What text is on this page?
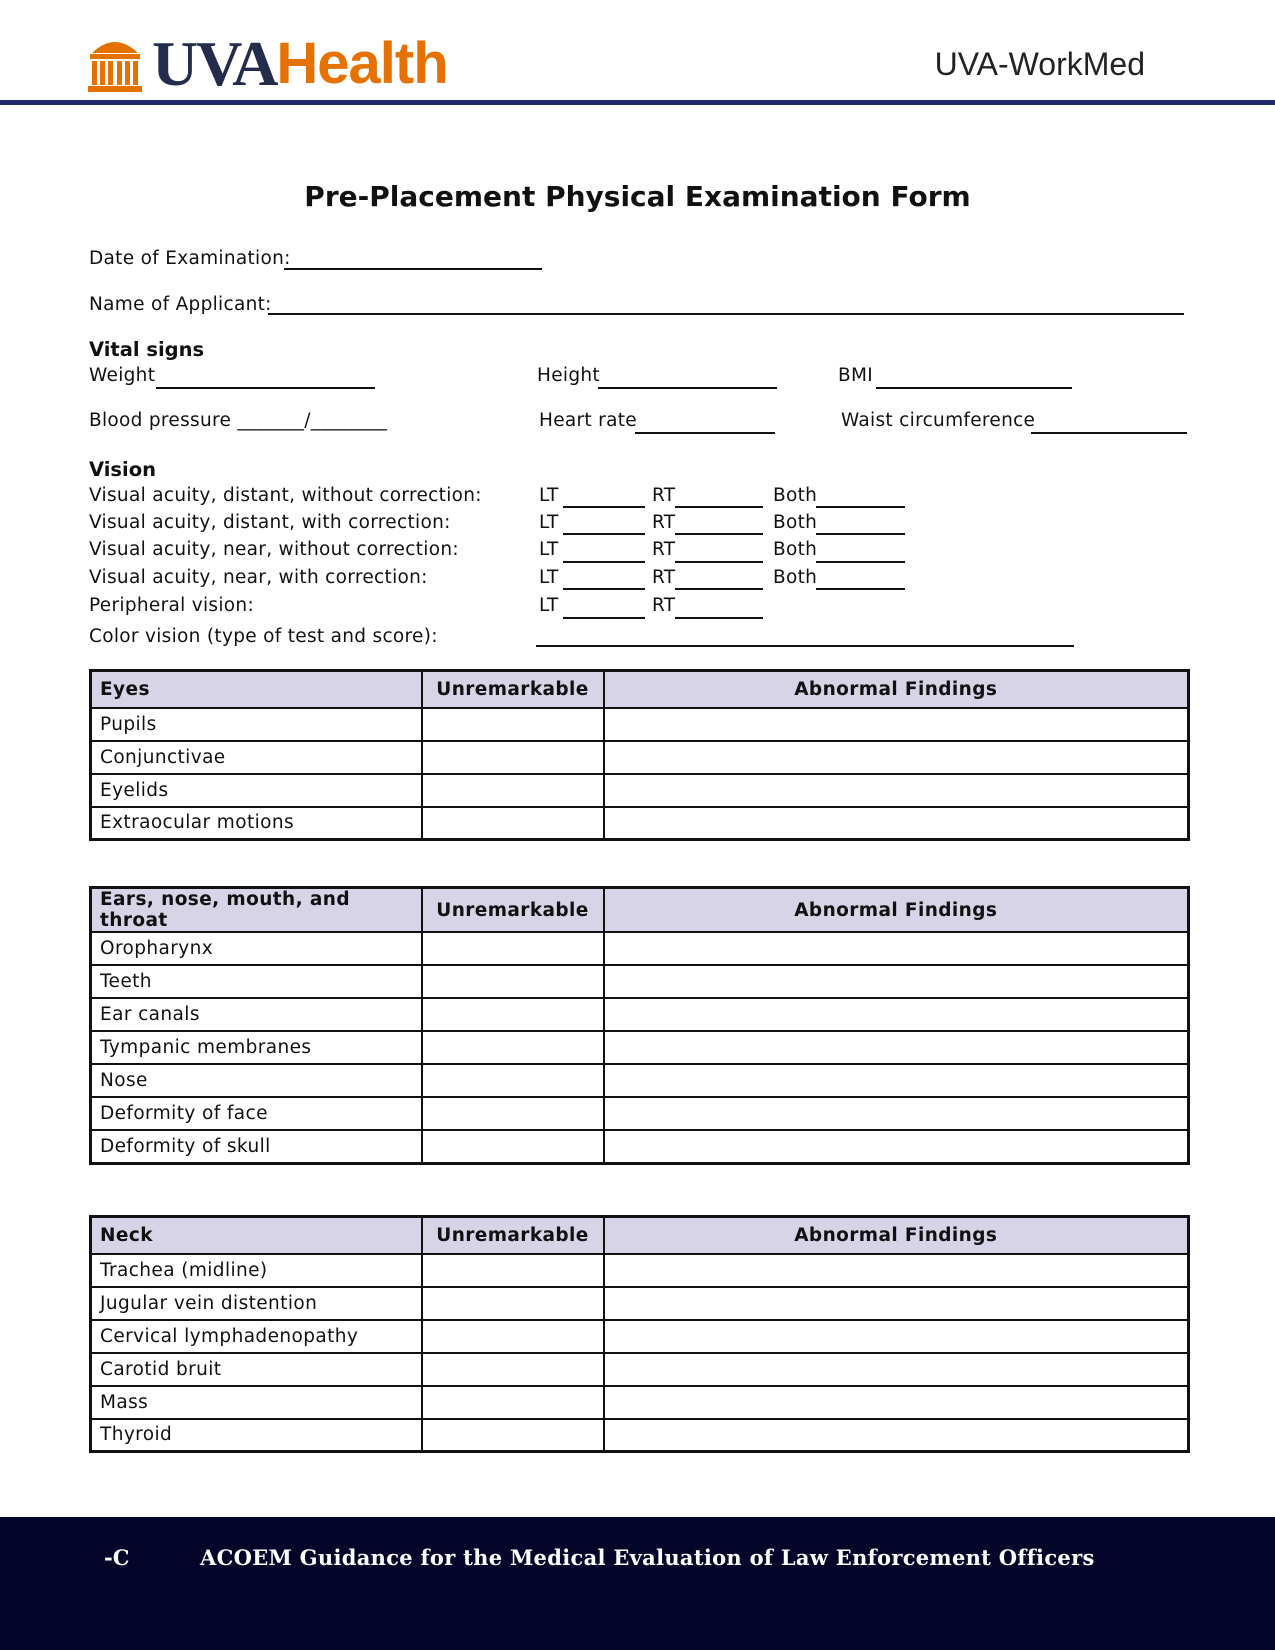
UVA Health	UVA-WorkMed
Pre-Placement Physical Examination Form
Date of Examination:
Name of Applicant:
Vital signs
Weight	Height	BMI
Blood pressure _______/________	Heart rate	Waist circumference
Vision
Visual acuity, distant, without correction:	LT	RT	Both
Visual acuity, distant, with correction:	LT	RT	Both
Visual acuity, near, without correction:	LT	RT	Both
Visual acuity, near, with correction:	LT	RT	Both
Peripheral vision:	LT	RT
Color vision (type of test and score):
Eyes	Unremarkable	Abnormal Findings
Pupils		
Conjunctivae		
Eyelids		
Extraocular motions		
Ears, nose, mouth, and throat	Unremarkable	Abnormal Findings
Oropharynx		
Teeth		
Ear canals		
Tympanic membranes		
Nose		
Deformity of face		
Deformity of skull		
Neck	Unremarkable	Abnormal Findings
Trachea (midline)		
Jugular vein distention		
Cervical lymphadenopathy		
Carotid bruit		
Mass		
Thyroid		
-C	ACOEM Guidance for the Medical Evaluation of Law Enforcement Officers
